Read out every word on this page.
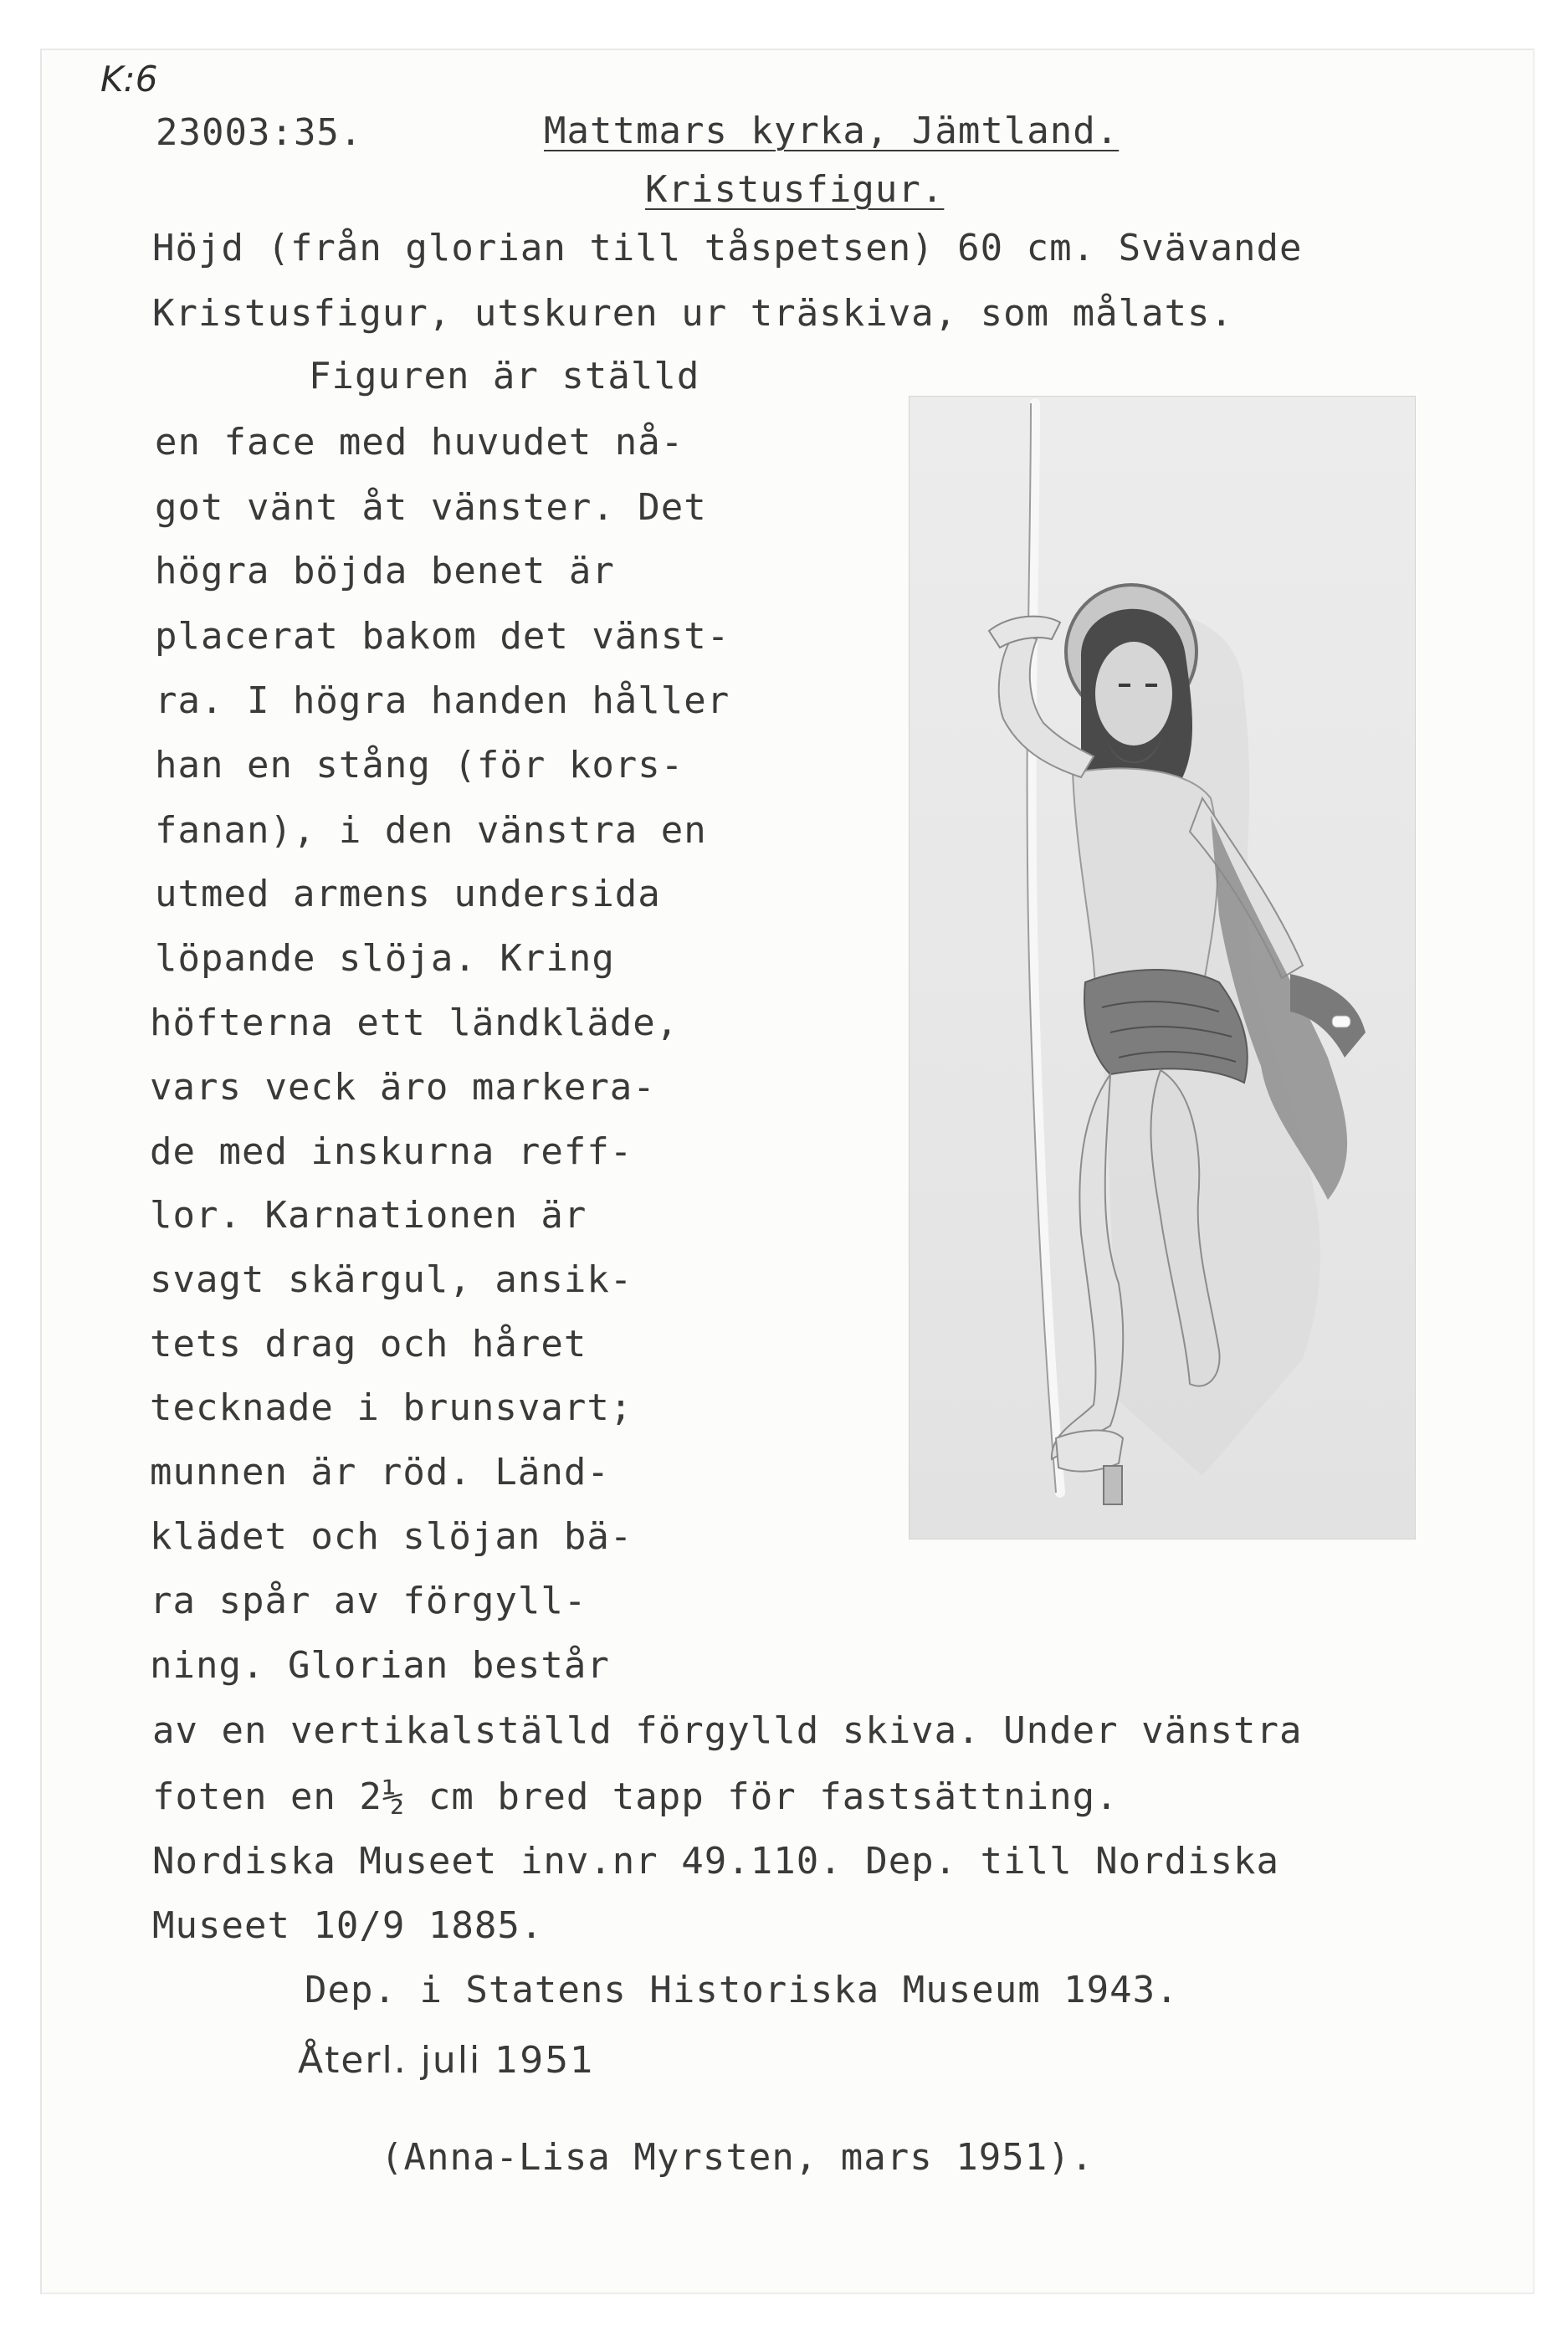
K:6
23003:35.	Mattmars kyrka, Jämtland.
Kristusfigur.
Höjd (från glorian till tåspetsen) 60 cm. Svävande
Kristusfigur, utskuren ur träskiva, som målats.
Figuren är ställd
en face med huvudet nå-
got vänt åt vänster. Det
högra böjda benet är
placerat bakom det vänst-
ra. I högra handen håller
han en stång (för kors-
fanan), i den vänstra en
utmed armens undersida
löpande slöja. Kring
höfterna ett ländkläde,
vars veck äro markera-
de med inskurna reff-
lor. Karnationen är
svagt skärgul, ansik-
tets drag och håret
tecknade i brunsvart;
munnen är röd. Länd-
klädet och slöjan bä-
ra spår av förgyll-
ning. Glorian består
av en vertikalställd förgylld skiva. Under vänstra
foten en 2½ cm bred tapp för fastsättning.
Nordiska Museet inv.nr 49.110. Dep. till Nordiska
Museet 10/9 1885.
Dep. i Statens Historiska Museum 1943.
Återl. juli 1951
(Anna-Lisa Myrsten, mars 1951).
